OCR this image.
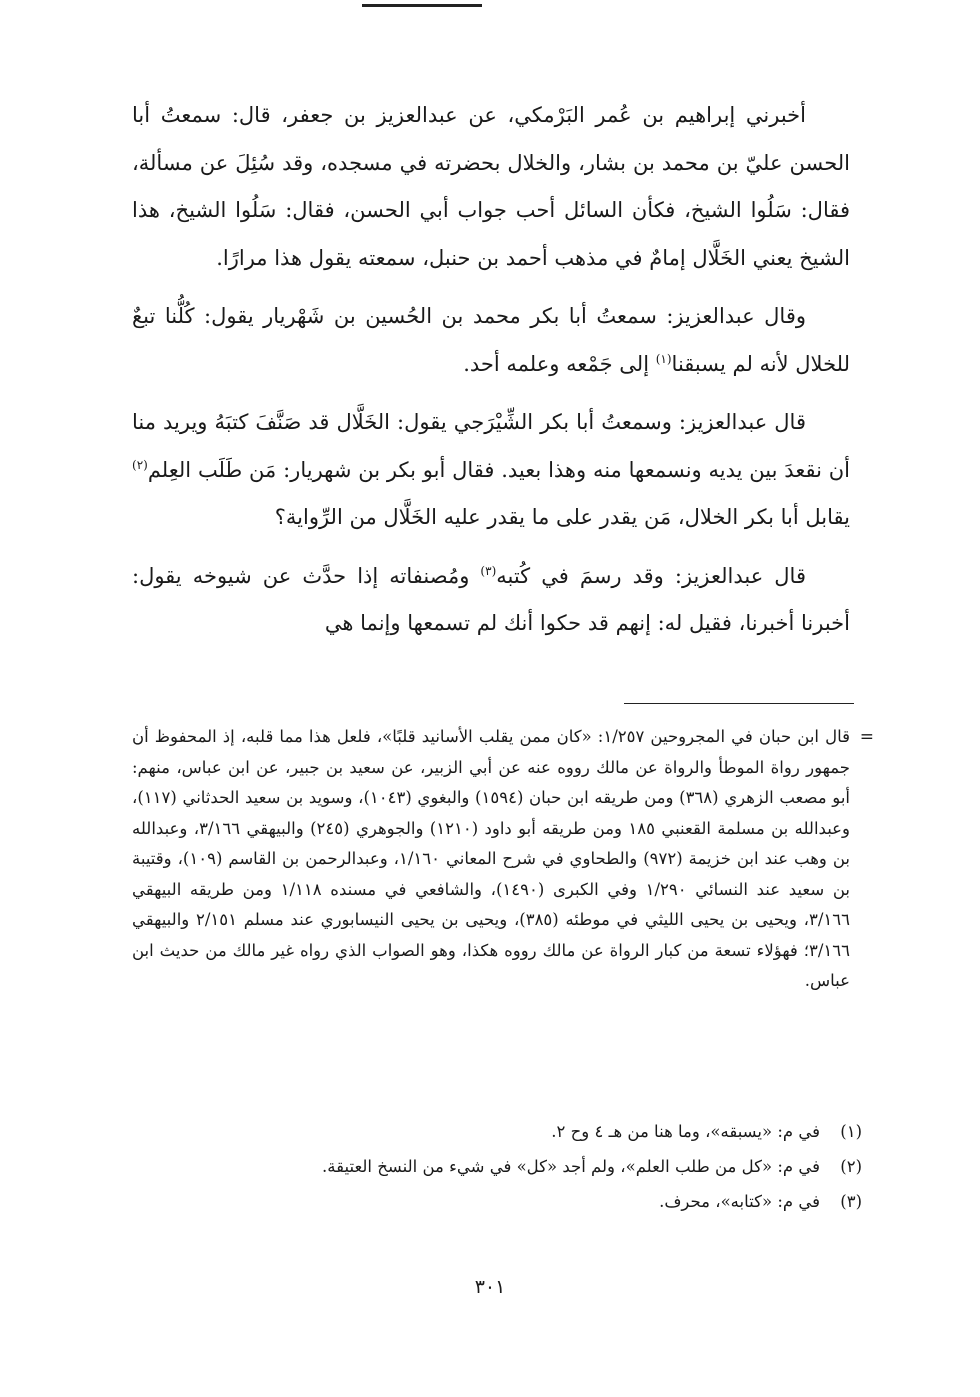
أخبرني إبراهيم بن عُمر البَرْمكي، عن عبدالعزيز بن جعفر، قال: سمعتُ أبا الحسن عليّ بن محمد بن بشار، والخلال بحضرته في مسجده، وقد سُئِلَ عن مسألة، فقال: سَلُوا الشيخ، فكأن السائل أحب جواب أبي الحسن، فقال: سَلُوا الشيخ، هذا الشيخ يعني الخَلَّال إمامٌ في مذهب أحمد بن حنبل، سمعته يقول هذا مرارًا.

وقال عبدالعزيز: سمعتُ أبا بكر محمد بن الحُسين بن شَهْريار يقول: كُلُّنا تبعٌ للخلال لأنه لم يسبقنا$^{(١)}$ إلى جَمْعه وعلمه أحد.

قال عبدالعزيز: وسمعتُ أبا بكر الشِّيْرَجي يقول: الخَلَّال قد صَنَّفَ كتبَهُ ويريد منا أن نقعدَ بين يديه ونسمعها منه وهذا بعيد. فقال أبو بكر بن شهريار: مَن طَلَب العِلم$^{(٢)}$ يقابل أبا بكر الخلال، مَن يقدر على ما يقدر عليه الخَلَّال من الرِّواية؟

قال عبدالعزيز: وقد رسمَ في كُتبه$^{(٣)}$ ومُصنفاته إذا حدَّث عن شيوخه يقول: أخبرنا أخبرنا، فقيل له: إنهم قد حكوا أنك لم تسمعها وإنما هي

=
قال ابن حبان في المجروحين ١/٢٥٧: «كان ممن يقلب الأسانيد قلبًا»، فلعل هذا مما قلبه، إذ المحفوظ أن جمهور رواة الموطأ والرواة عن مالك رووه عنه عن أبي الزبير، عن سعيد بن جبير، عن ابن عباس، منهم: أبو مصعب الزهري (٣٦٨) ومن طريقه ابن حبان (١٥٩٤) والبغوي (١٠٤٣)، وسويد بن سعيد الحدثاني (١١٧)، وعبدالله بن مسلمة القعنبي ١٨٥ ومن طريقه أبو داود (١٢١٠) والجوهري (٢٤٥) والبيهقي ٣/١٦٦، وعبدالله بن وهب عند ابن خزيمة (٩٧٢) والطحاوي في شرح المعاني ١/١٦٠، وعبدالرحمن بن القاسم (١٠٩)، وقتيبة بن سعيد عند النسائي ١/٢٩٠ وفي الكبرى (١٤٩٠)، والشافعي في مسنده ١/١١٨ ومن طريقه البيهقي ٣/١٦٦، ويحيى بن يحيى الليثي في موطئه (٣٨٥)، ويحيى بن يحيى النيسابوري عند مسلم ٢/١٥١ والبيهقي ٣/١٦٦؛ فهؤلاء تسعة من كبار الرواة عن مالك رووه هكذا، وهو الصواب الذي رواه غير مالك من حديث ابن عباس.
(١)
في م: «يسبقه»، وما هنا من هـ ٤ وح ٢.
(٢)
في م: «كل من طلب العلم»، ولم أجد «كل» في شيء من النسخ العتيقة.
(٣)
في م: «كتابه»، محرف.
٣٠١
